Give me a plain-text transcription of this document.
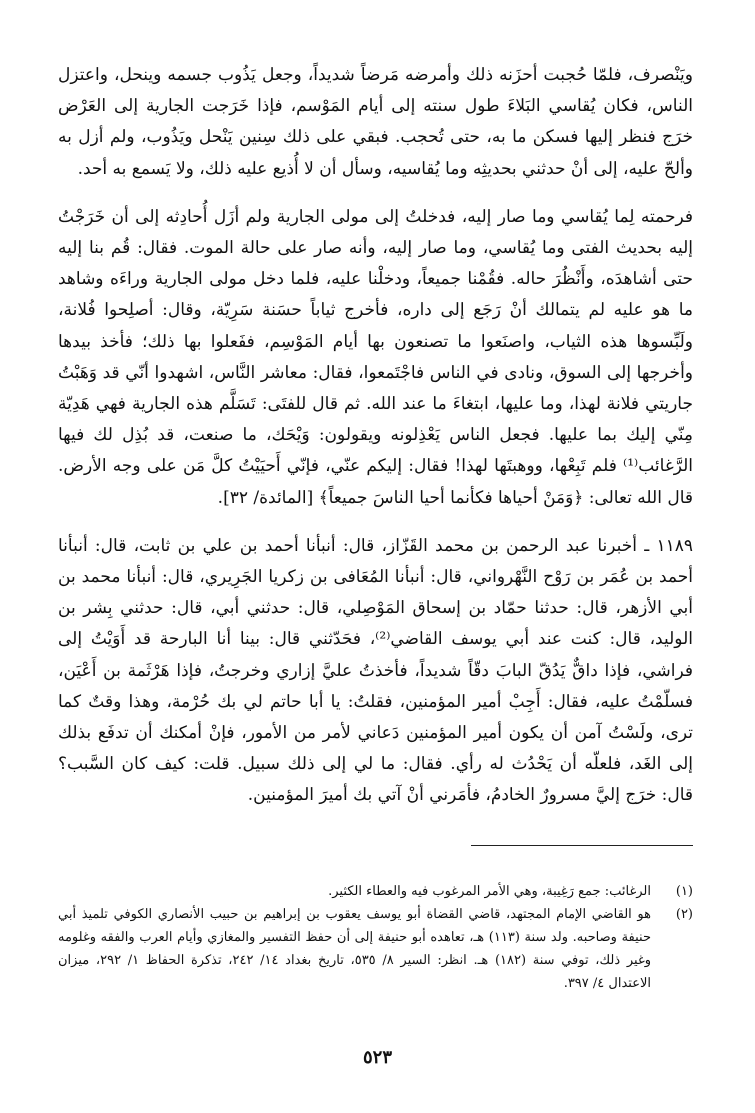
ويَنْصرف، فلمّا حُجبت أحزَنه ذلك وأمرضه مَرضاً شديداً، وجعل يَذُوب جسمه وينحل، واعتزل الناس، فكان يُقاسي البَلاءَ طول سنته إلى أيام المَوْسم، فإذا خَرَجت الجارية إلى العَرْض خرَج فنظر إليها فسكن ما به، حتى تُحجب. فبقي على ذلك سِنين يَنْحل ويَذُوب، ولم أزل به وألحّ عليه، إلى أنْ حدثني بحديثِه وما يُقاسيه، وسأل أن لا أُذيع عليه ذلك، ولا يَسمع به أحد.

فرحمته لِما يُقاسي وما صار إليه، فدخلتُ إلى مولى الجارية ولم أزَل أُحادِثه إلى أن خَرَجْتُ إليه بحديث الفتى وما يُقاسي، وما صار إليه، وأنه صار على حالة الموت. فقال: قُم بنا إليه حتى أشاهدَه، وأَنْظُرَ حاله. فقُمْنا جميعاً، ودخلْنا عليه، فلما دخل مولى الجارية وراءَه وشاهد ما هو عليه لم يتمالك أنْ رَجَع إلى داره، فأخرج ثياباً حسَنة سَرِيّة، وقال: أصلِحوا فُلانة، ولَبِّسوها هذه الثياب، واصنَعوا ما تصنعون بها أيام المَوْسِم، ففَعلوا بها ذلك؛ فأخذ بيدها وأخرجها إلى السوق، ونادى في الناس فاجْتَمعوا، فقال: معاشر النَّاس، اشهدوا أنّي قد وَهَبْتُ جاريتي فلانة لهذا، وما عليها، ابتغاءَ ما عند الله. ثم قال للفتَى: تَسَلَّم هذه الجارية فهي هَدِيّة مِنّي إليك بما عليها. فجعل الناس يَعْذِلونه ويقولون: وَيْحَك، ما صنعت، قد بُذِل لك فيها الرَّغائب⁽¹⁾ فلم تَبِعْها، ووهبتَها لهذا! فقال: إليكم عنّي، فإنّي أَحيَيْتُ كلَّ مَن على وجه الأرض. قال الله تعالى: ﴿وَمَنْ أحياها فكأنما أحيا الناسَ جميعاً﴾ [المائدة/ ٣٢].

١١٨٩ ـ أخبرنا عبد الرحمن بن محمد القَزّاز، قال: أنبأنا أحمد بن علي بن ثابت، قال: أنبأنا أحمد بن عُمَر بن رَوْح النَّهْرواني، قال: أنبأنا المُعَافى بن زكريا الجَرِيري، قال: أنبأنا محمد بن أبي الأزهر، قال: حدثنا حمّاد بن إسحاق المَوْصِلي، قال: حدثني أبي، قال: حدثني بِشر بن الوليد، قال: كنت عند أبي يوسف القاضي⁽²⁾، فحَدّثني قال: بينا أنا البارحة قد أَوَيْتُ إلى فراشي، فإذا داقٌّ يَدُقّ البابَ دقّاً شديداً، فأخذتُ عليَّ إزاري وخرجتُ، فإذا هَرْثَمة بن أَعْيَن، فسلّمْتُ عليه، فقال: أَجِبْ أمير المؤمنين، فقلتُ: يا أبا حاتم لي بك حُرْمة، وهذا وقتٌ كما ترى، ولَسْتُ آمن أن يكون أمير المؤمنين دَعاني لأمر من الأمور، فإنْ أمكنك أن تدفَع بذلك إلى الغَد، فلعلّه أن يَحْدُث له رأي. فقال: ما لي إلى ذلك سبيل. قلت: كيف كان السَّبب؟ قال: خرَج إليَّ مسرورٌ الخادمُ، فأمَرني أنْ آتي بك أميرَ المؤمنين.

(١)
الرغائب: جمع رَغِيبة، وهي الأمر المرغوب فيه والعطاء الكثير.
(٢)
هو القاضي الإمام المجتهد، قاضي القضاة أبو يوسف يعقوب بن إبراهيم بن حبيب الأنصاري الكوفي تلميذ أبي حنيفة وصاحبه. ولد سنة (١١٣) هـ، تعاهده أبو حنيفة إلى أن حفظ التفسير والمغازي وأيام العرب والفقه وغلومه وغير ذلك، توفي سنة (١٨٢) هـ. انظر: السير ٨/ ٥٣٥، تاريخ بغداد ١٤/ ٢٤٢، تذكرة الحفاظ ١/ ٢٩٢، ميزان الاعتدال ٤/ ٣٩٧.
٥٢٣
